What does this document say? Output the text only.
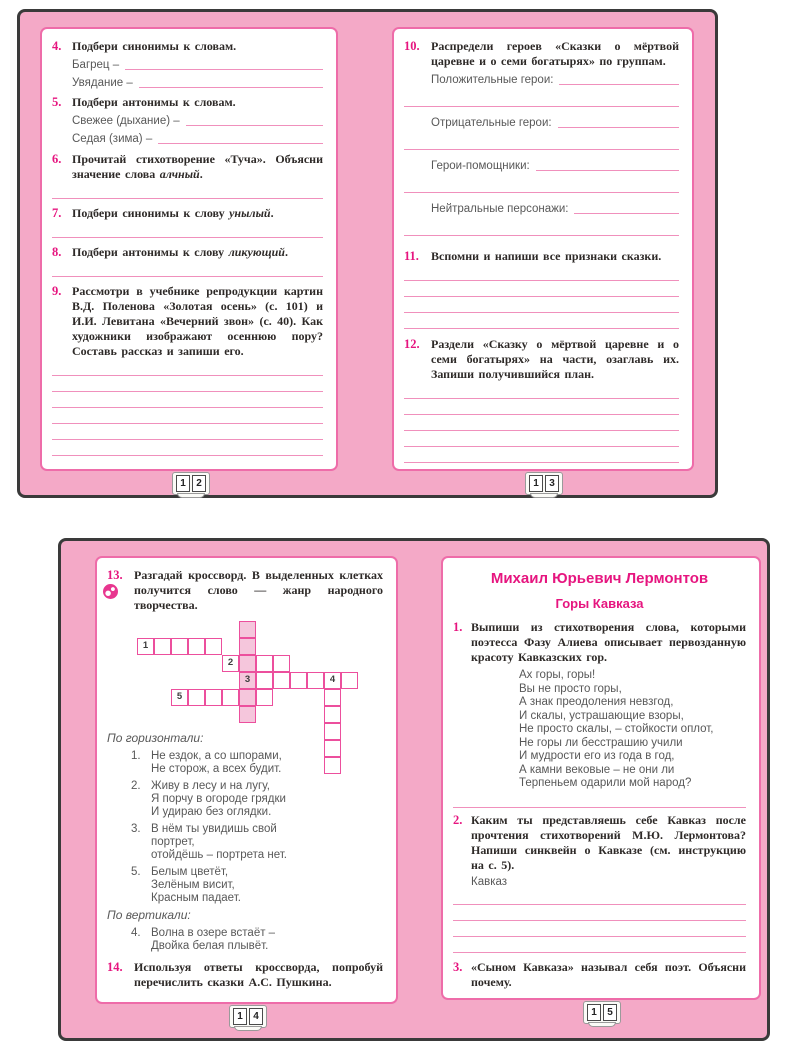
4. Подбери синонимы к словам.
Багрец –
Увядание –
5. Подбери антонимы к словам.
Свежее (дыхание) –
Седая (зима) –
6. Прочитай стихотворение «Туча». Объясни значение слова алчный.
7. Подбери синонимы к слову унылый.
8. Подбери антонимы к слову ликующий.
9. Рассмотри в учебнике репродукции картин В.Д. Поленова «Золотая осень» (с. 101) и И.И. Левитана «Вечерний звон» (с. 40). Как художники изображают осеннюю пору? Составь рассказ и запиши его.
10. Распредели героев «Сказки о мёртвой царевне и о семи богатырях» по группам.
Положительные герои:
Отрицательные герои:
Герои-помощники:
Нейтральные персонажи:
11.	Вспомни и напиши все признаки сказки.
12. Раздели «Сказку о мёртвой царевне и о семи богатырях» на части, озаглавь их. Запиши получившийся план.
1	2	1	3
13. Разгадай кроссворд. В выделенных клетках получится слово — жанр народного творчества.
3
1
2
4
5
По горизонтали:
1. Не ездок, а со шпорами,
Не сторож, а всех будит.
2. Живу в лесу и на лугу,
Я порчу в огороде грядки
И удираю без оглядки.
3. В нём ты увидишь свой портрет,
отойдёшь – портрета нет.
5. Белым цветёт,
Зелёным висит,
Красным падает.
По вертикали:
4. Волна в озере встаёт –
Двойка белая плывёт.
14. Используя ответы кроссворда, попробуй перечислить сказки А.С. Пушкина.
Михаил Юрьевич Лермонтов
Горы Кавказа
1. Выпиши из стихотворения слова, которыми поэтесса Фазу Алиева описывает первозданную красоту Кавказских гор.
Ах горы, горы!
Вы не просто горы,
А знак преодоления невзгод,
И скалы, устрашающие взоры,
Не просто скалы, – стойкости оплот,
Не горы ли бесстрашию учили
И мудрости его из года в год,
А камни вековые – не они ли
Терпеньем одарили мой народ?
2. Каким ты представляешь себе Кавказ после прочтения стихотворений М.Ю. Лермонтова? Напиши синквейн о Кавказе (см. инструкцию на с. 5).
Кавказ
3. «Сыном Кавказа» называл себя поэт. Объясни почему.
1	4	1	5
